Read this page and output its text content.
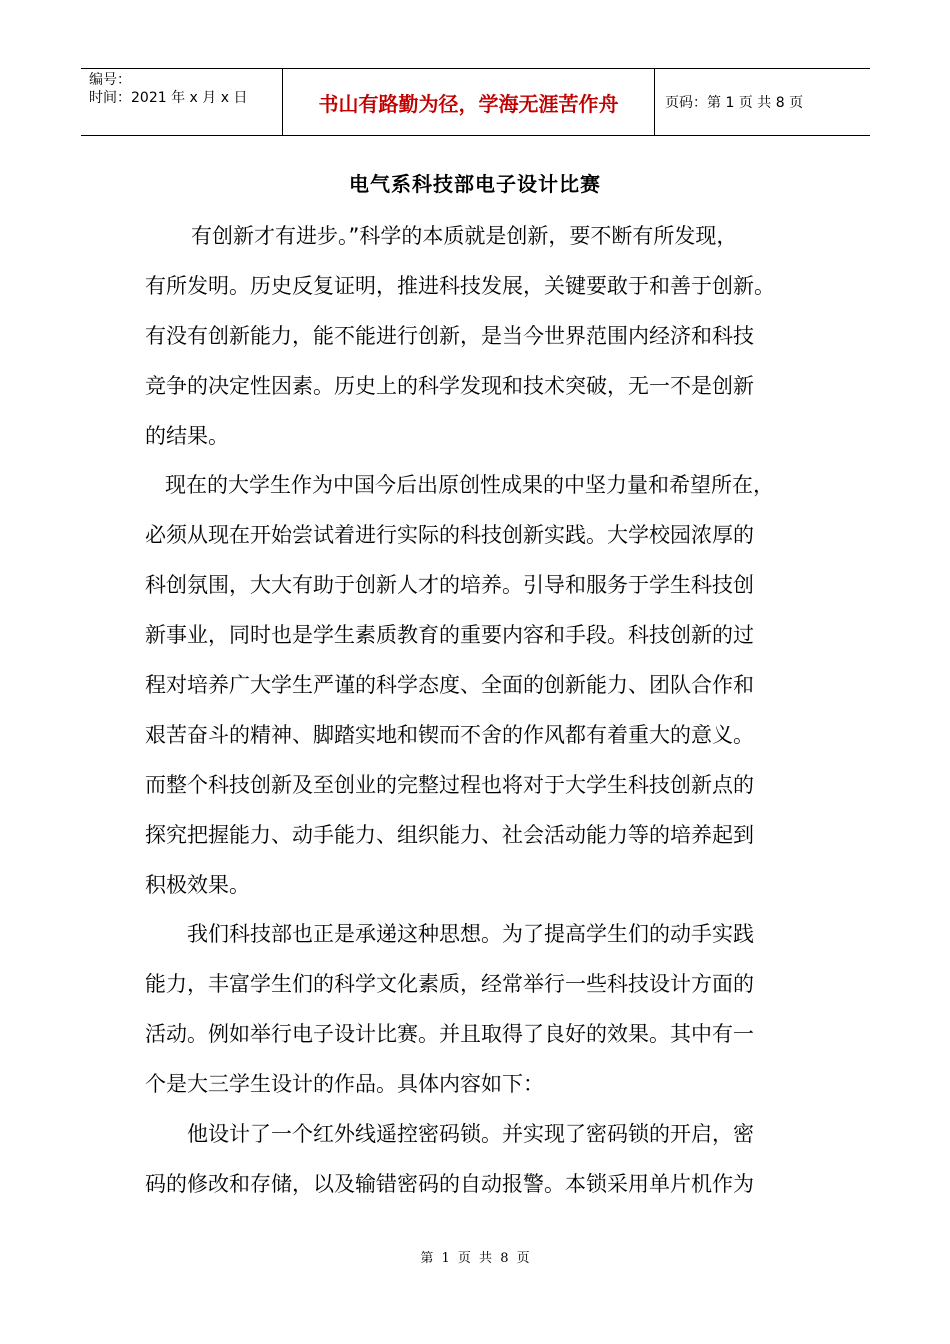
编号：
时间：2021 年 x 月 x 日	书山有路勤为径，学海无涯苦作舟	页码：第 1 页 共 8 页
电气系科技部电子设计比赛
有创新才有进步。”科学的本质就是创新，要不断有所发现，
有所发明。历史反复证明，推进科技发展，关键要敢于和善于创新。
有没有创新能力，能不能进行创新，是当今世界范围内经济和科技
竞争的决定性因素。历史上的科学发现和技术突破，无一不是创新
的结果。
现在的大学生作为中国今后出原创性成果的中坚力量和希望所在，
必须从现在开始尝试着进行实际的科技创新实践。大学校园浓厚的
科创氛围，大大有助于创新人才的培养。引导和服务于学生科技创
新事业，同时也是学生素质教育的重要内容和手段。科技创新的过
程对培养广大学生严谨的科学态度、全面的创新能力、团队合作和
艰苦奋斗的精神、脚踏实地和锲而不舍的作风都有着重大的意义。
而整个科技创新及至创业的完整过程也将对于大学生科技创新点的
探究把握能力、动手能力、组织能力、社会活动能力等的培养起到
积极效果。
我们科技部也正是承递这种思想。为了提高学生们的动手实践
能力，丰富学生们的科学文化素质，经常举行一些科技设计方面的
活动。例如举行电子设计比赛。并且取得了良好的效果。其中有一
个是大三学生设计的作品。具体内容如下：
他设计了一个红外线遥控密码锁。并实现了密码锁的开启，密
码的修改和存储，以及输错密码的自动报警。本锁采用单片机作为
第 1 页 共 8 页
